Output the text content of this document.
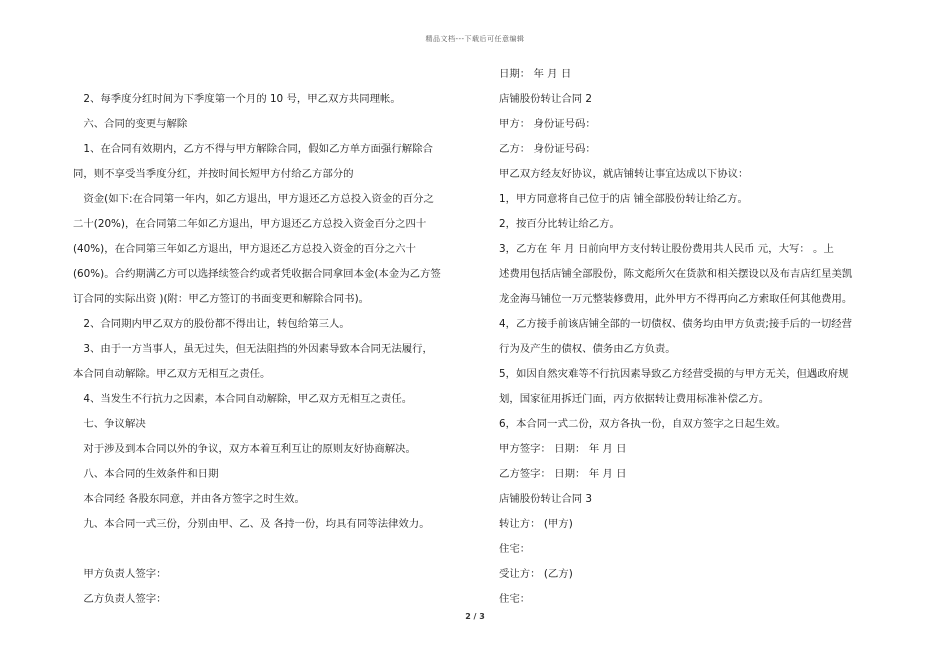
精品文档---下载后可任意编辑
　2、每季度分红时间为下季度第一个月的 10 号，甲乙双方共同理帐。
　六、合同的变更与解除
　1、在合同有效期内，乙方不得与甲方解除合同，假如乙方单方面强行解除合
同，则不享受当季度分红，并按时间长短甲方付给乙方部分的
　资金(如下:在合同第一年内，如乙方退出，甲方退还乙方总投入资金的百分之
二十(20%)，在合同第二年如乙方退出，甲方退还乙方总投入资金百分之四十
(40%)，在合同第三年如乙方退出，甲方退还乙方总投入资金的百分之六十
(60%)。合约期满乙方可以选择续签合约或者凭收据合同拿回本金(本金为乙方签
订合同的实际出资 )(附：甲乙方签订的书面变更和解除合同书)。
　2、合同期内甲乙双方的股份都不得出让，转包给第三人。
　3、由于一方当事人，虽无过失，但无法阻挡的外因素导致本合同无法履行，
本合同自动解除。甲乙双方无相互之责任。
　4、当发生不行抗力之因素，本合同自动解除，甲乙双方无相互之责任。
　七、争议解决
　对于涉及到本合同以外的争议，双方本着互利互让的原则友好协商解决。
　八、本合同的生效条件和日期
　本合同经 各股东同意，并由各方签字之时生效。
　九、本合同一式三份，分别由甲、乙、及 各持一份，均具有同等法律效力。
　甲方负责人签字：
　乙方负责人签字：
日期： 年 月 日
店铺股份转让合同 2
甲方： 身份证号码：
乙方： 身份证号码：
甲乙双方经友好协议，就店铺转让事宜达成以下协议：
1，甲方同意将自己位于的店 铺全部股份转让给乙方。
2，按百分比转让给乙方。
3，乙方在 年 月 日前向甲方支付转让股份费用共人民币 元，大写： 。上
述费用包括店铺全部股份，陈文彪所欠在货款和相关摆设以及布吉店红星美凯
龙金海马铺位一万元整装修费用，此外甲方不得再向乙方索取任何其他费用。
4，乙方接手前该店铺全部的一切债权、债务均由甲方负责;接手后的一切经营
行为及产生的债权、债务由乙方负责。
5，如因自然灾难等不行抗因素导致乙方经营受损的与甲方无关，但遇政府规
划，国家征用拆迁门面，丙方依据转让费用标准补偿乙方。
6，本合同一式二份，双方各执一份，自双方签字之日起生效。
甲方签字： 日期： 年 月 日
乙方签字： 日期： 年 月 日
店铺股份转让合同 3
转让方： (甲方)
住宅：
受让方： (乙方)
住宅：
2 / 3
